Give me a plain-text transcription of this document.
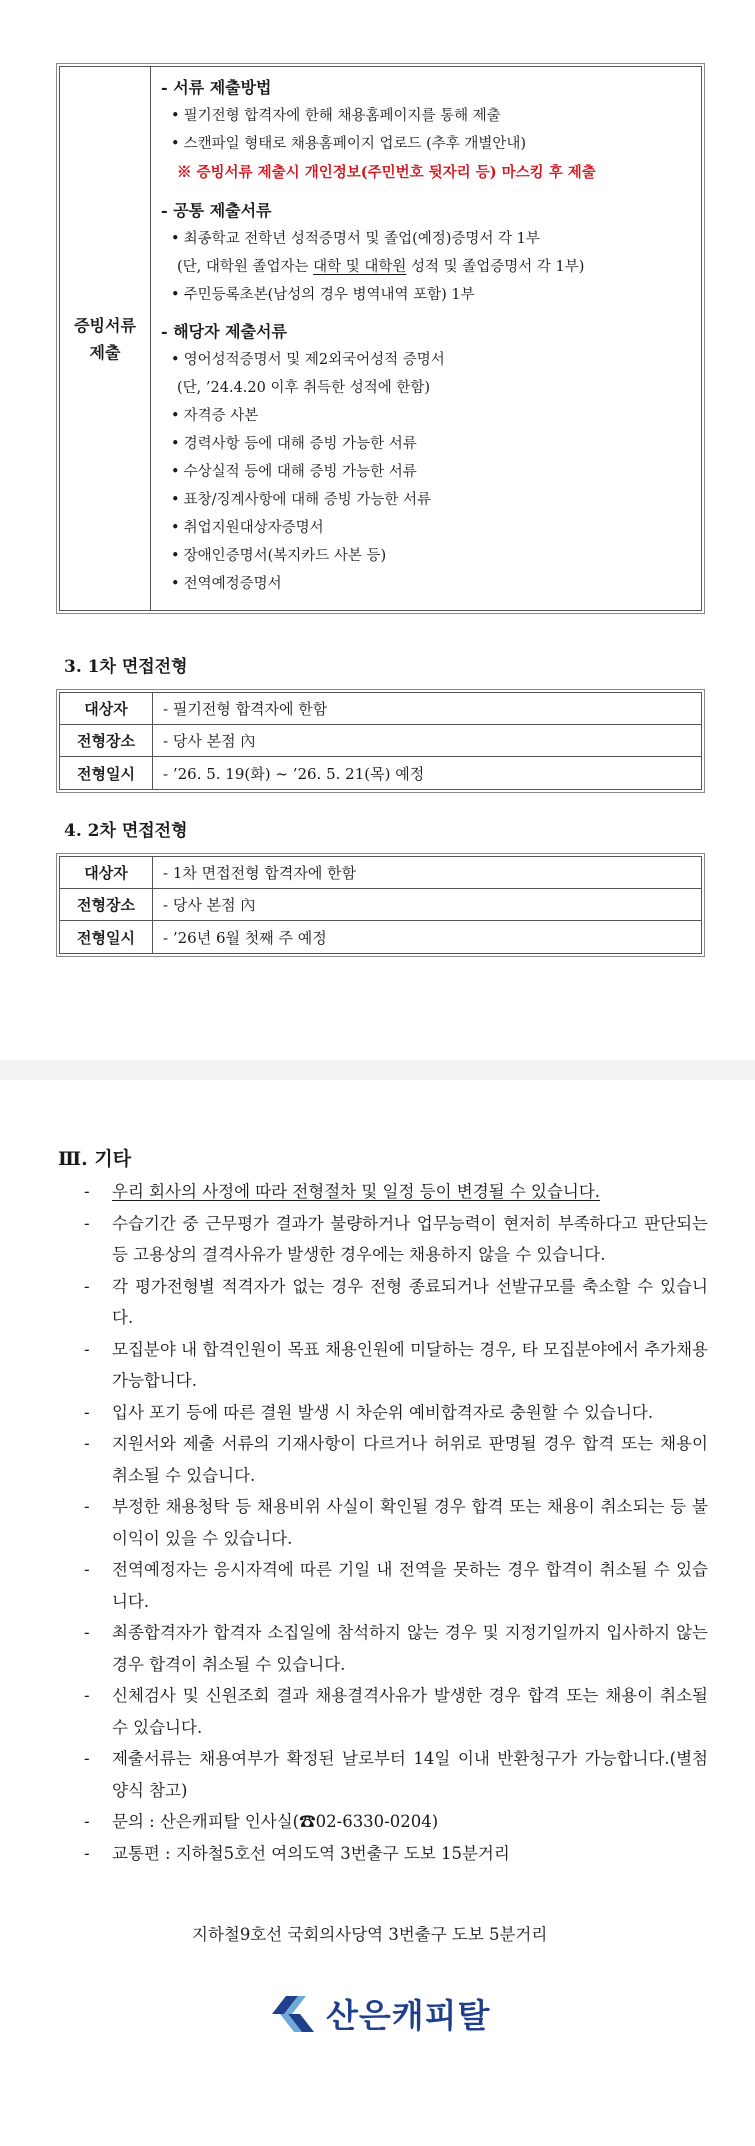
증빙서류
제출
- 서류 제출방법
• 필기전형 합격자에 한해 채용홈페이지를 통해 제출
• 스캔파일 형태로 채용홈페이지 업로드 (추후 개별안내)
※ 증빙서류 제출시 개인정보(주민번호 뒷자리 등) 마스킹 후 제출
- 공통 제출서류
• 최종학교 전학년 성적증명서 및 졸업(예정)증명서 각 1부
(단, 대학원 졸업자는 대학 및 대학원 성적 및 졸업증명서 각 1부)
• 주민등록초본(남성의 경우 병역내역 포함) 1부
- 해당자 제출서류
• 영어성적증명서 및 제2외국어성적 증명서
(단, ’24.4.20 이후 취득한 성적에 한함)
• 자격증 사본
• 경력사항 등에 대해 증빙 가능한 서류
• 수상실적 등에 대해 증빙 가능한 서류
• 표창/징계사항에 대해 증빙 가능한 서류
• 취업지원대상자증명서
• 장애인증명서(복지카드 사본 등)
• 전역예정증명서
3. 1차 면접전형
대상자	- 필기전형 합격자에 한함
전형장소	- 당사 본점 內
전형일시	- ’26. 5. 19(화) ~ ’26. 5. 21(목) 예정
4. 2차 면접전형
대상자	- 1차 면접전형 합격자에 한함
전형장소	- 당사 본점 內
전형일시	- ’26년 6월 첫째 주 예정
Ⅲ. 기타
-	우리 회사의 사정에 따라 전형절차 및 일정 등이 변경될 수 있습니다.
-	수습기간 중 근무평가 결과가 불량하거나 업무능력이 현저히 부족하다고 판단되는 등 고용상의 결격사유가 발생한 경우에는 채용하지 않을 수 있습니다.
-	각 평가전형별 적격자가 없는 경우 전형 종료되거나 선발규모를 축소할 수 있습니다.
-	모집분야 내 합격인원이 목표 채용인원에 미달하는 경우, 타 모집분야에서 추가채용 가능합니다.
-	입사 포기 등에 따른 결원 발생 시 차순위 예비합격자로 충원할 수 있습니다.
-	지원서와 제출 서류의 기재사항이 다르거나 허위로 판명될 경우 합격 또는 채용이 취소될 수 있습니다.
-	부정한 채용청탁 등 채용비위 사실이 확인될 경우 합격 또는 채용이 취소되는 등 불이익이 있을 수 있습니다.
-	전역예정자는 응시자격에 따른 기일 내 전역을 못하는 경우 합격이 취소될 수 있습니다.
-	최종합격자가 합격자 소집일에 참석하지 않는 경우 및 지정기일까지 입사하지 않는 경우 합격이 취소될 수 있습니다.
-	신체검사 및 신원조회 결과 채용결격사유가 발생한 경우 합격 또는 채용이 취소될 수 있습니다.
-	제출서류는 채용여부가 확정된 날로부터 14일 이내 반환청구가 가능합니다.(별첨 양식 참고)
-	문의 : 산은캐피탈 인사실(☎02-6330-0204)
-	교통편 : 지하철5호선 여의도역 3번출구 도보 15분거리
지하철9호선 국회의사당역 3번출구 도보 5분거리
산은캐피탈
